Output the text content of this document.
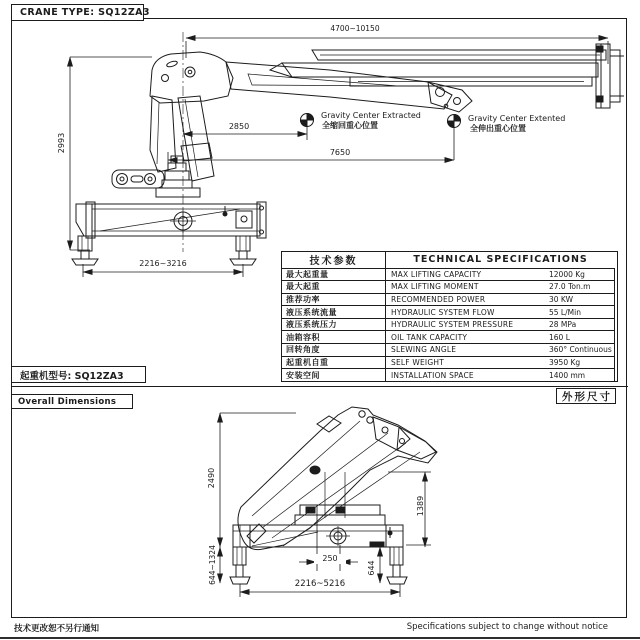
CRANE TYPE: SQ12ZA3
起重机型号: SQ12ZA3
Overall Dimensions	外形尺寸
4700~10150
2993
2850
7650
2216~3216
Gravity Center Extracted
全缩回重心位置
Gravity Center Extented
全伸出重心位置
2490
1389
644~1324	250
644
2216~5216
技术参数	TECHNICAL SPECIFICATIONS
最大起重量	MAX LIFTING CAPACITY	12000 Kg
最大起重	MAX LIFTING MOMENT	27.0 Ton.m
推荐功率	RECOMMENDED POWER	30 KW
液压系统流量	HYDRAULIC SYSTEM FLOW	55 L/Min
液压系统压力	HYDRAULIC SYSTEM PRESSURE	28 MPa
油箱容积	OIL TANK CAPACITY	160 L
回转角度	SLEWING ANGLE	360° Continuous
起重机自重	SELF WEIGHT	3950 Kg
安装空间	INSTALLATION SPACE	1400 mm
技术更改恕不另行通知	Specifications subject to change without notice
